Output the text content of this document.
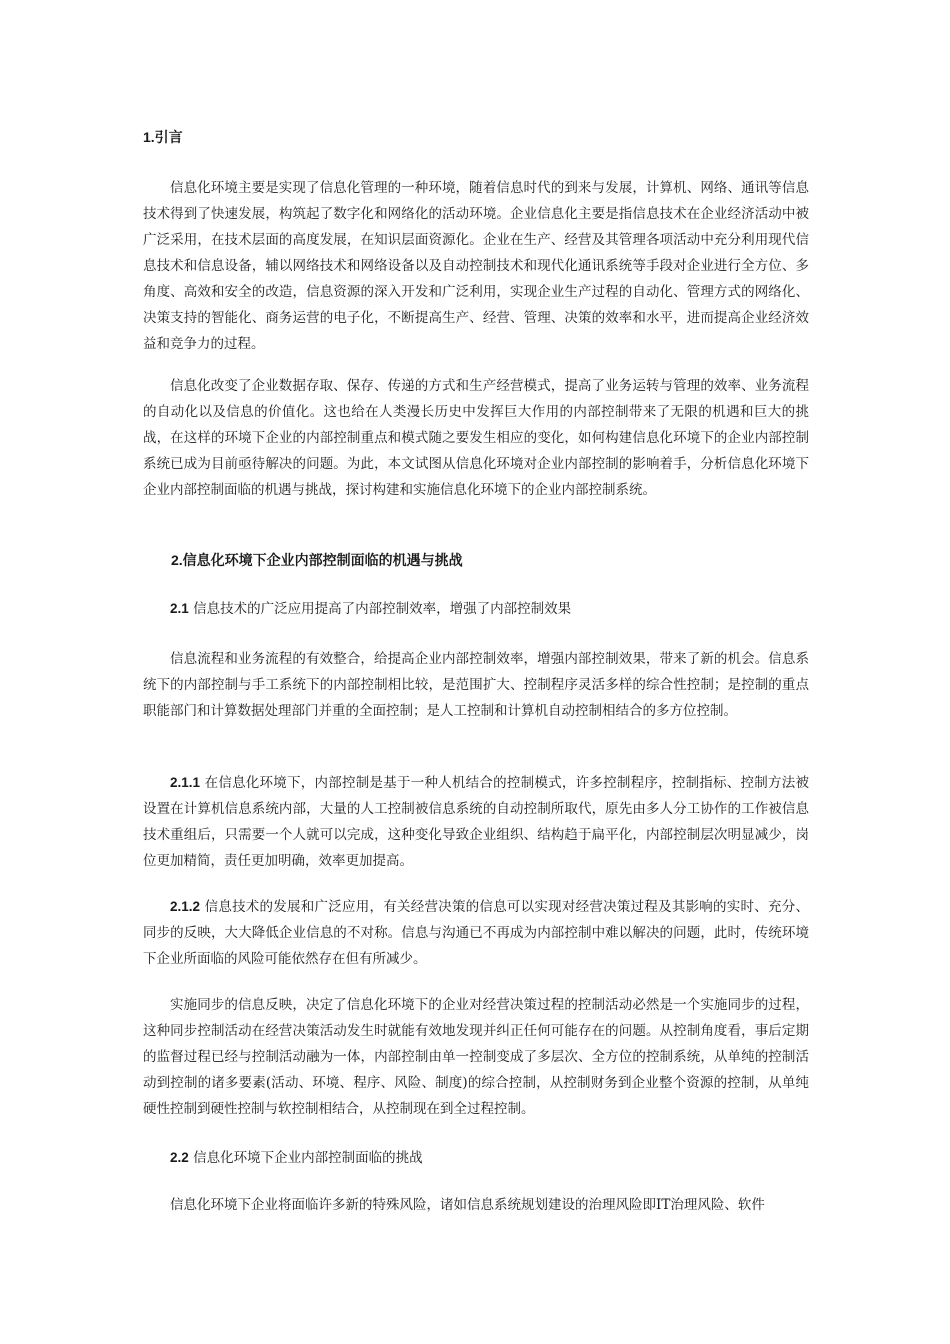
1.引言

信息化环境主要是实现了信息化管理的一种环境，随着信息时代的到来与发展，计算机、网络、通讯等信息技术得到了快速发展，构筑起了数字化和网络化的活动环境。企业信息化主要是指信息技术在企业经济活动中被广泛采用，在技术层面的高度发展，在知识层面资源化。企业在生产、经营及其管理各项活动中充分利用现代信息技术和信息设备，辅以网络技术和网络设备以及自动控制技术和现代化通讯系统等手段对企业进行全方位、多角度、高效和安全的改造，信息资源的深入开发和广泛利用，实现企业生产过程的自动化、管理方式的网络化、决策支持的智能化、商务运营的电子化，不断提高生产、经营、管理、决策的效率和水平，进而提高企业经济效益和竞争力的过程。

信息化改变了企业数据存取、保存、传递的方式和生产经营模式，提高了业务运转与管理的效率、业务流程的自动化以及信息的价值化。这也给在人类漫长历史中发挥巨大作用的内部控制带来了无限的机遇和巨大的挑战，在这样的环境下企业的内部控制重点和模式随之要发生相应的变化，如何构建信息化环境下的企业内部控制系统已成为目前亟待解决的问题。为此，本文试图从信息化环境对企业内部控制的影响着手，分析信息化环境下企业内部控制面临的机遇与挑战，探讨构建和实施信息化环境下的企业内部控制系统。

2.信息化环境下企业内部控制面临的机遇与挑战
2.1 信息技术的广泛应用提高了内部控制效率，增强了内部控制效果

信息流程和业务流程的有效整合，给提高企业内部控制效率，增强内部控制效果，带来了新的机会。信息系统下的内部控制与手工系统下的内部控制相比较，是范围扩大、控制程序灵活多样的综合性控制；是控制的重点职能部门和计算数据处理部门并重的全面控制；是人工控制和计算机自动控制相结合的多方位控制。

2.1.1 在信息化环境下，内部控制是基于一种人机结合的控制模式，许多控制程序，控制指标、控制方法被设置在计算机信息系统内部，大量的人工控制被信息系统的自动控制所取代，原先由多人分工协作的工作被信息技术重组后，只需要一个人就可以完成，这种变化导致企业组织、结构趋于扁平化，内部控制层次明显减少，岗位更加精简，责任更加明确，效率更加提高。

2.1.2 信息技术的发展和广泛应用，有关经营决策的信息可以实现对经营决策过程及其影响的实时、充分、同步的反映，大大降低企业信息的不对称。信息与沟通已不再成为内部控制中难以解决的问题，此时，传统环境下企业所面临的风险可能依然存在但有所减少。

实施同步的信息反映，决定了信息化环境下的企业对经营决策过程的控制活动必然是一个实施同步的过程，这种同步控制活动在经营决策活动发生时就能有效地发现并纠正任何可能存在的问题。从控制角度看，事后定期的监督过程已经与控制活动融为一体，内部控制由单一控制变成了多层次、全方位的控制系统，从单纯的控制活动到控制的诸多要素(活动、环境、程序、风险、制度)的综合控制，从控制财务到企业整个资源的控制，从单纯硬性控制到硬性控制与软控制相结合，从控制现在到全过程控制。

2.2 信息化环境下企业内部控制面临的挑战

信息化环境下企业将面临许多新的特殊风险，诸如信息系统规划建设的治理风险即IT治理风险、软件
